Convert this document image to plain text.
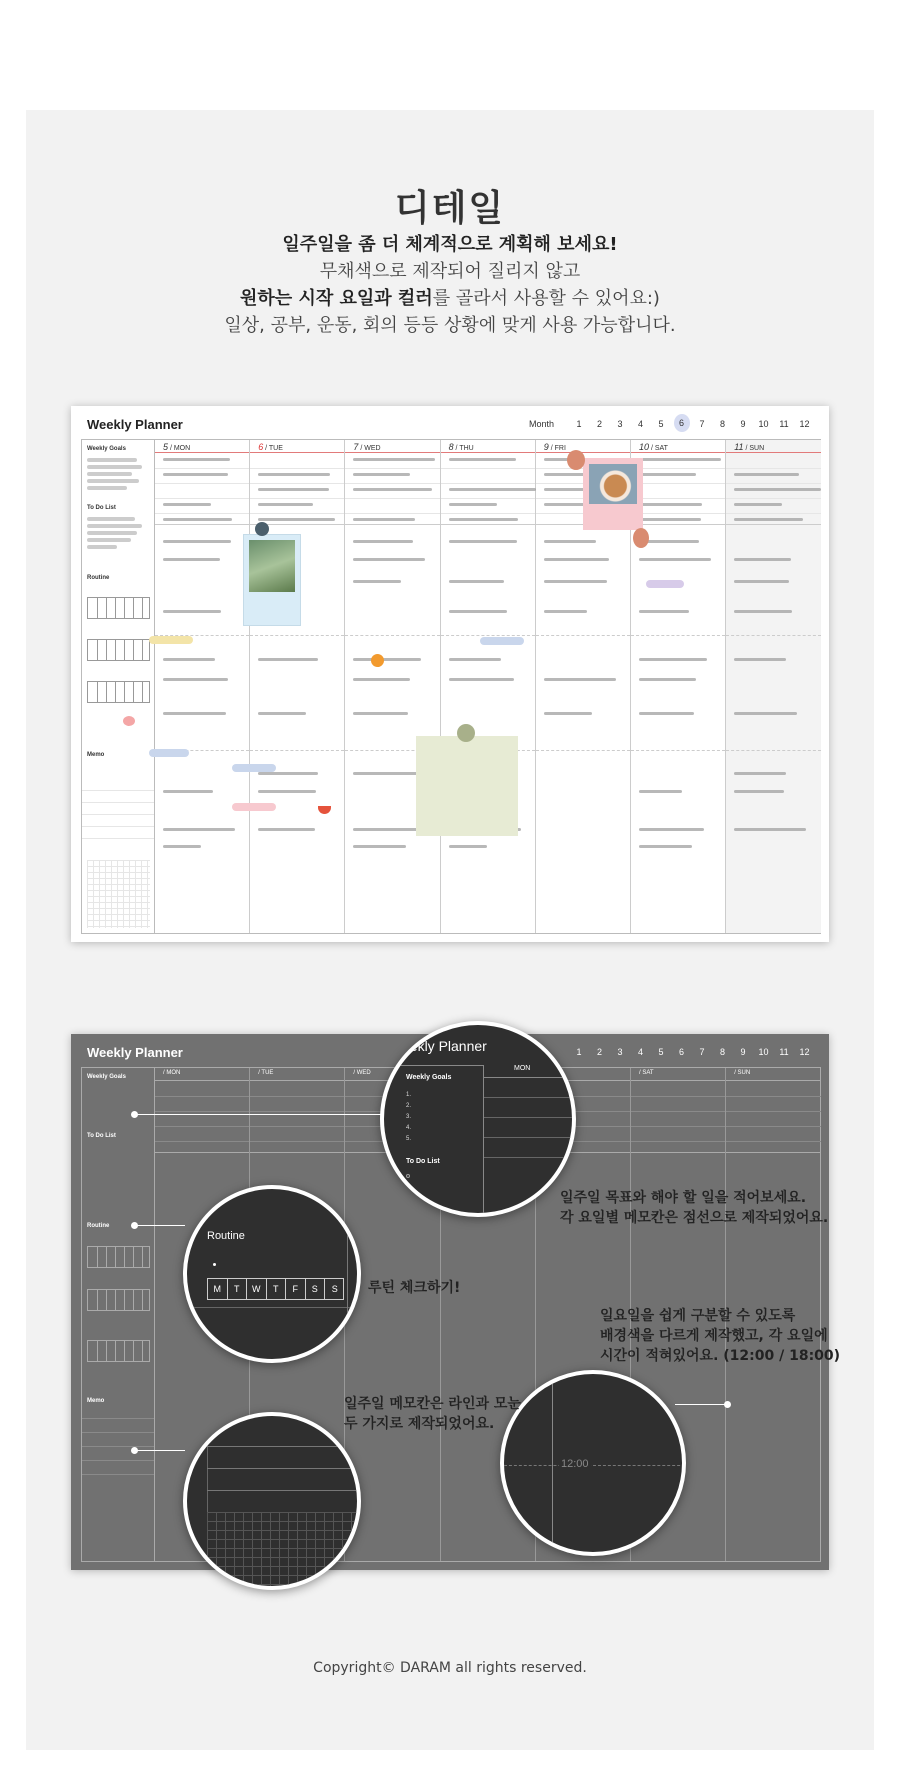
디테일
일주일을 좀 더 체계적으로 계획해 보세요!
무채색으로 제작되어 질리지 않고
원하는 시작 요일과 컬러를 골라서 사용할 수 있어요:)
일상, 공부, 운동, 회의 등등 상황에 맞게 사용 가능합니다.
Weekly Planner	Month	1	2	3	4	5	6	7	8	9	10	11	12
Weekly Goals
To Do List
Routine
Memo
5 / MON	6 / TUE	7 / WED	8 / THU	9 / FRI	10 / SAT	11 / SUN
Weekly Planner	1	2	3	4	5	6	7	8	9	10	11	12
Weekly Goals
To Do List
Routine
Memo
/ MON	/ TUE	/ WED	/ SAT	/ SUN
eekly Planner
Weekly Goals
1.
2.
3.
4.
5.
To Do List
MON
Routine
M	T	W	T	F	S	S
12:00
일주일 목표와 해야 할 일을 적어보세요.
각 요일별 메모칸은 점선으로 제작되었어요.
루틴 체크하기!
일요일을 쉽게 구분할 수 있도록
배경색을 다르게 제작했고, 각 요일에
시간이 적혀있어요. (12:00 / 18:00)
일주일 메모칸은 라인과 모눈
두 가지로 제작되었어요.
Copyright© DARAM all rights reserved.
